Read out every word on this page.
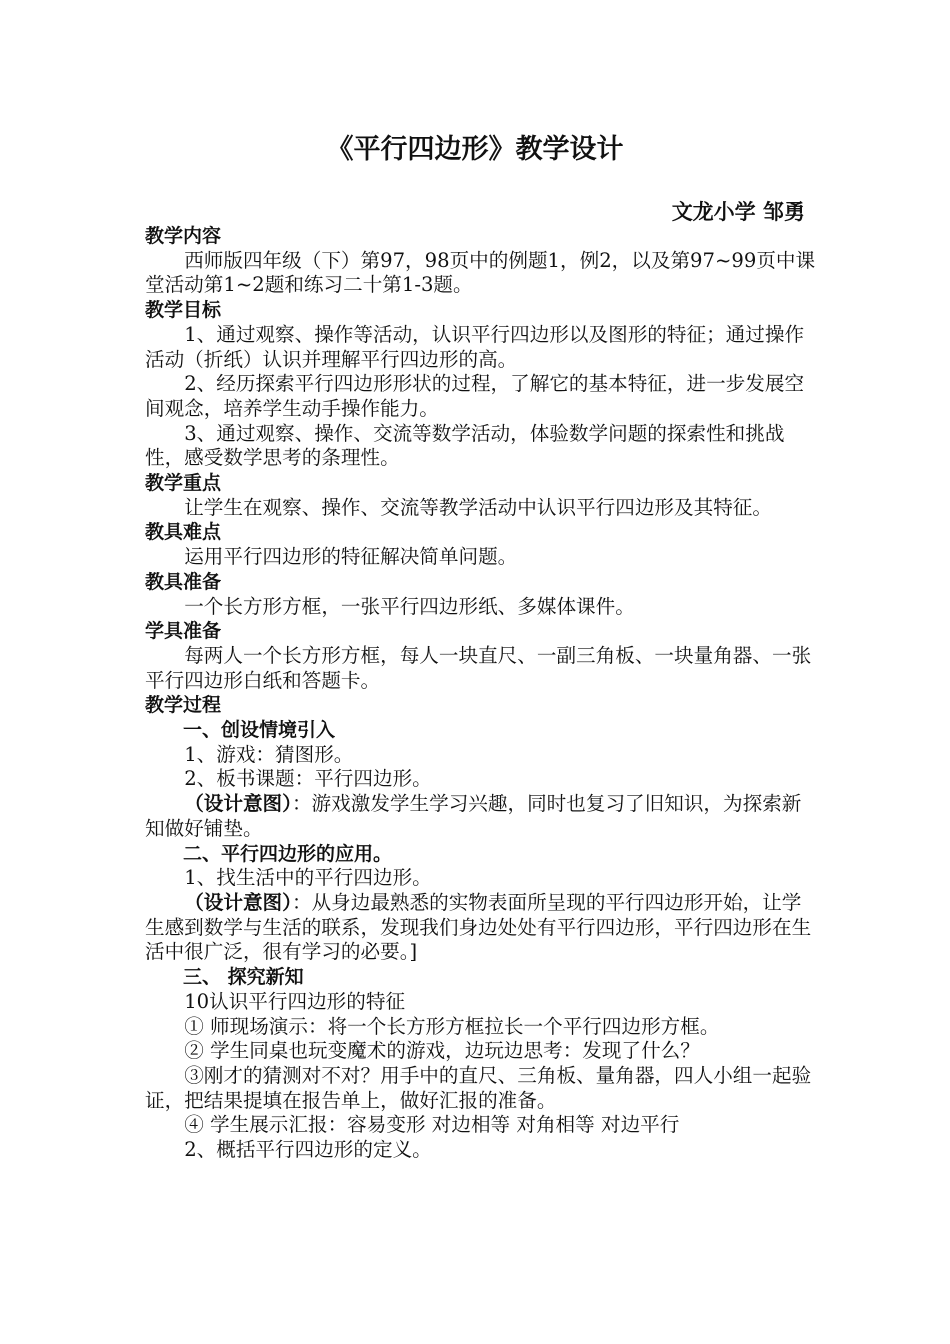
《平行四边形》教学设计
文龙小学 邹勇

教学内容

西师版四年级（下）第97，98页中的例题1，例2，以及第97~99页中课堂活动第1~2题和练习二十第1-3题。

教学目标

1、通过观察、操作等活动，认识平行四边形以及图形的特征；通过操作活动（折纸）认识并理解平行四边形的高。

2、经历探索平行四边形形状的过程，了解它的基本特征，进一步发展空间观念，培养学生动手操作能力。

3、通过观察、操作、交流等数学活动，体验数学问题的探索性和挑战性，感受数学思考的条理性。

教学重点

让学生在观察、操作、交流等教学活动中认识平行四边形及其特征。

教具难点

运用平行四边形的特征解决简单问题。

教具准备

一个长方形方框，一张平行四边形纸、多媒体课件。

学具准备

每两人一个长方形方框，每人一块直尺、一副三角板、一块量角器、一张平行四边形白纸和答题卡。

教学过程

一、创设情境引入

1、游戏：猜图形。

2、板书课题：平行四边形。

（设计意图）：游戏激发学生学习兴趣，同时也复习了旧知识，为探索新知做好铺垫。

二、平行四边形的应用。

1、找生活中的平行四边形。

（设计意图）：从身边最熟悉的实物表面所呈现的平行四边形开始，让学生感到数学与生活的联系，发现我们身边处处有平行四边形，平行四边形在生活中很广泛，很有学习的必要。]

三、 探究新知

10认识平行四边形的特征

① 师现场演示：将一个长方形方框拉长一个平行四边形方框。

② 学生同桌也玩变魔术的游戏，边玩边思考：发现了什么？

③刚才的猜测对不对？用手中的直尺、三角板、量角器，四人小组一起验证，把结果提填在报告单上，做好汇报的准备。

④ 学生展示汇报：容易变形 对边相等 对角相等 对边平行

2、概括平行四边形的定义。
